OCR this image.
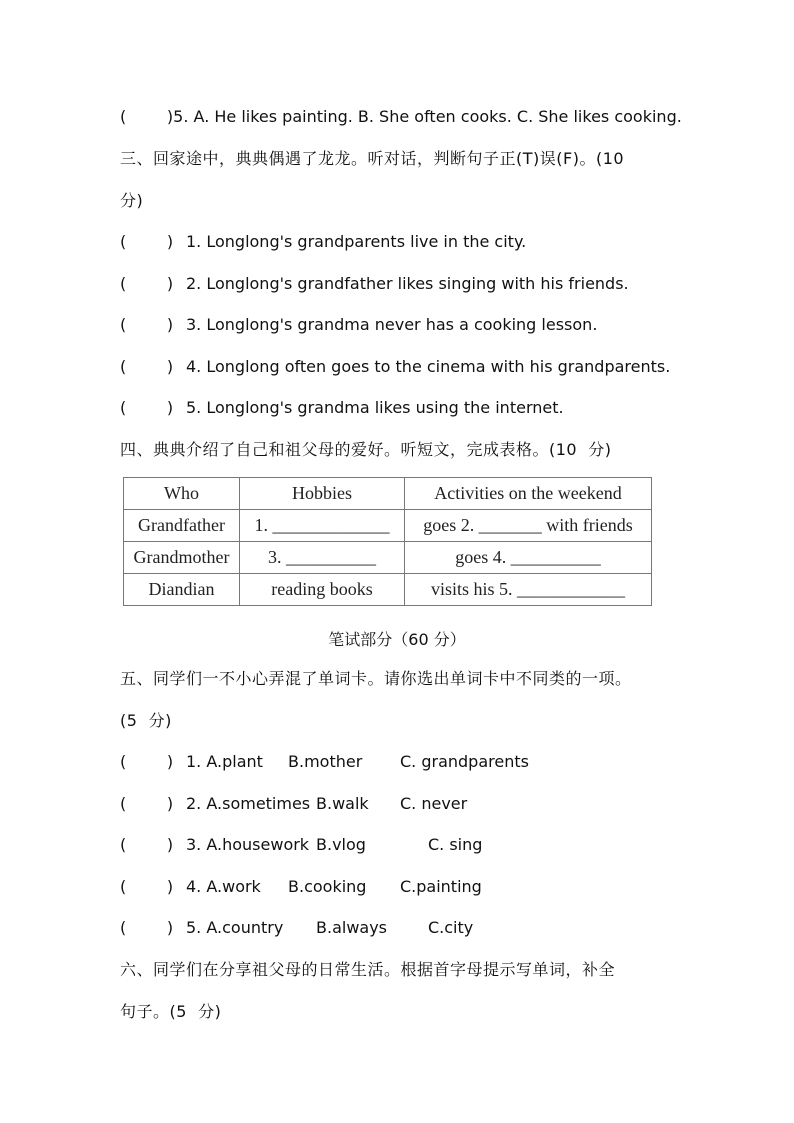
(        )5. A. He likes painting. B. She often cooks. C. She likes cooking.
三、回家途中，典典偶遇了龙龙。听对话，判断句子正(T)误(F)。(10
分)
(        ) 1. Longlong's grandparents live in the city.
(        ) 2. Longlong's grandfather likes singing with his friends.
(        ) 3. Longlong's grandma never has a cooking lesson.
(        ) 4. Longlong often goes to the cinema with his grandparents.
(        ) 5. Longlong's grandma likes using the internet.
四、典典介绍了自己和祖父母的爱好。听短文，完成表格。(10  分)
Who	Hobbies	Activities on the weekend
Grandfather	1. _____________	goes 2. _______ with friends
Grandmother	3. __________	goes 4. __________
Diandian	reading books	visits his 5. ____________
笔试部分（60 分）
五、同学们一不小心弄混了单词卡。请你选出单词卡中不同类的一项。
(5  分)
(        ) 1. A.plant B.mother C. grandparents
(        ) 2. A.sometimes B.walk C. never
(        ) 3. A.housework B.vlog	C. sing
(        ) 4. A.work B.cooking C.painting
(        ) 5. A.country B.always	C.city
六、同学们在分享祖父母的日常生活。根据首字母提示写单词，补全
句子。(5  分)
